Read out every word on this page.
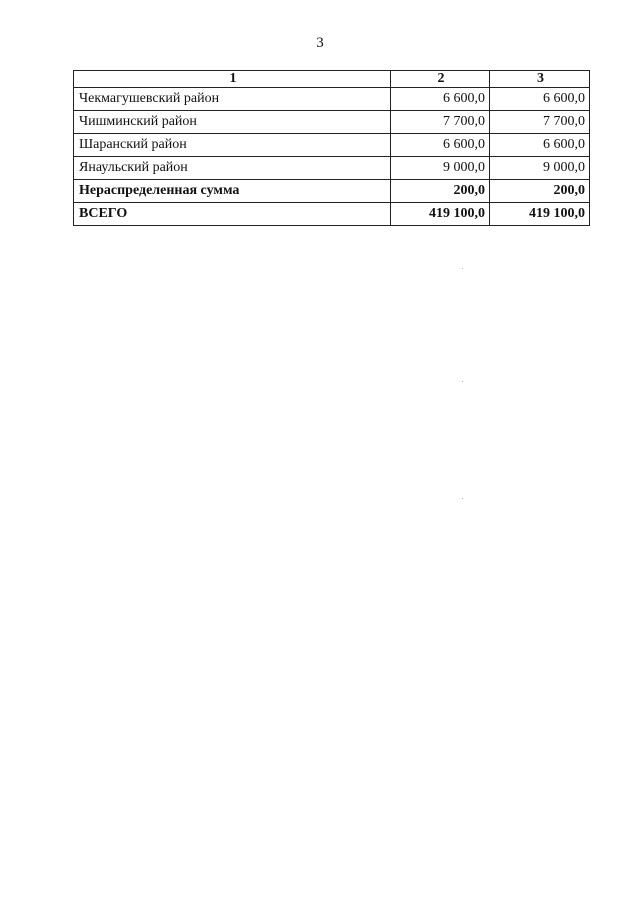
3
1	2	3
Чекмагушевский район	6 600,0	6 600,0
Чишминский район	7 700,0	7 700,0
Шаранский район	6 600,0	6 600,0
Янаульский район	9 000,0	9 000,0
Нераспределенная сумма	200,0	200,0
ВСЕГО	419 100,0	419 100,0
